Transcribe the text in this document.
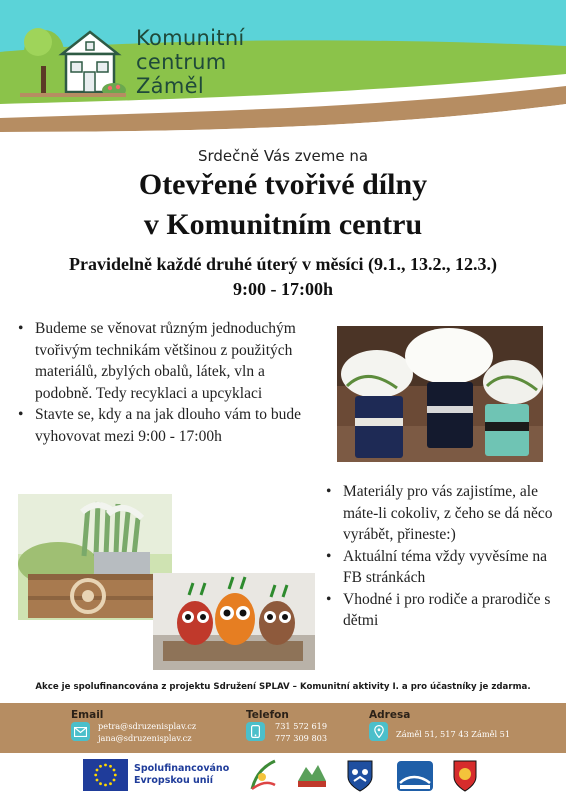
Komunitní
centrum
Záměl
Srdečně Vás zveme na
Otevřené tvořivé dílny
v Komunitním centru
Pravidelně každé druhé úterý v měsíci (9.1., 13.2., 12.3.)
9:00 - 17:00h
• Budeme se věnovat různým jednoduchým tvořivým technikám většinou z použitých materiálů, zbylých obalů, látek, vln a podobně. Tedy recyklaci a upcyklaci
• Stavte se, kdy a na jak dlouho vám to bude vyhovovat mezi 9:00 - 17:00h
• Materiály pro vás zajistíme, ale máte-li cokoliv, z čeho se dá něco vyrábět, přineste:)
• Aktuální téma vždy vyvěsíme na FB stránkách
• Vhodné i pro rodiče a prarodiče s dětmi
Akce je spolufinancována z projektu Sdružení SPLAV – Komunitní aktivity I. a pro účastníky je zdarma.
Email
petra@sdruzenisplav.cz
jana@sdruzenisplav.cz
Telefon
731 572 619
777 309 803
Adresa
Záměl 51, 517 43 Záměl 51
Spolufinancováno
Evropskou unií
